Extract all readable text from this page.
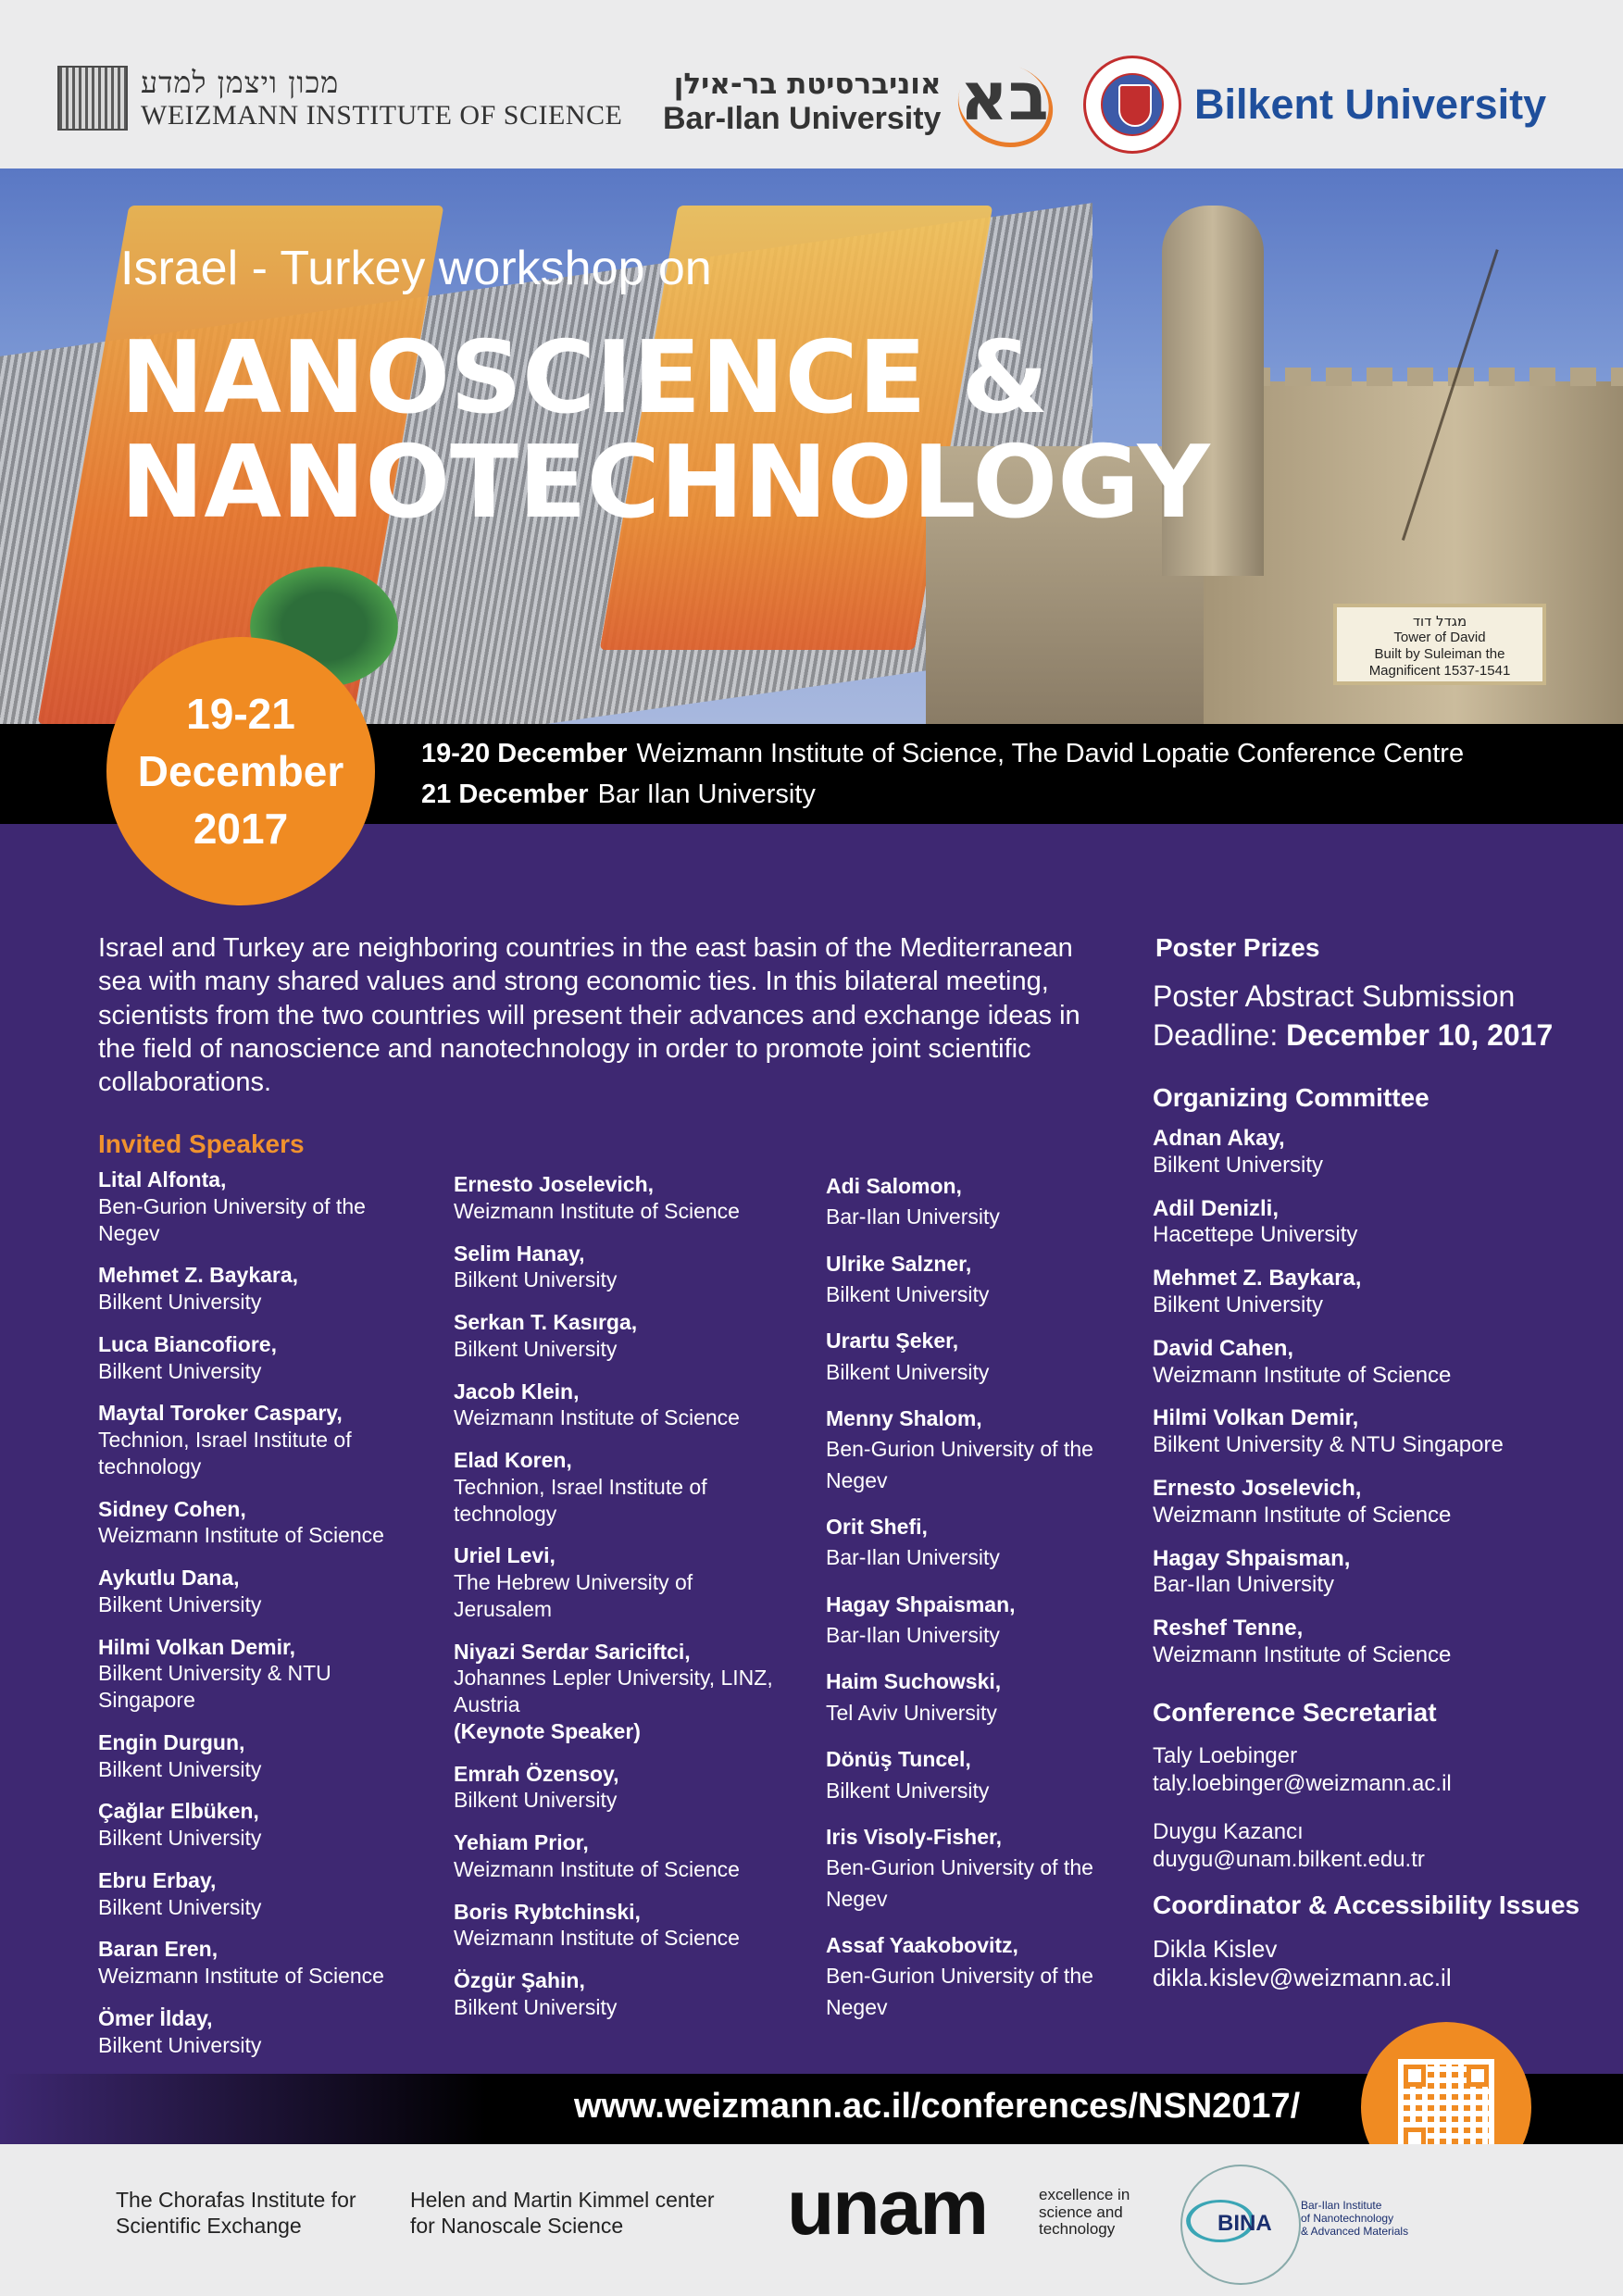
מכון ויצמן למדע
WEIZMANN INSTITUTE OF SCIENCE
אוניברסיטת בר-אילן
Bar-Ilan University בא	Bilkent University
Israel - Turkey workshop on
NANOSCIENCE &
NANOTECHNOLOGY
מגדל דוד
Tower of David
Built by Suleiman the
Magnificent 1537-1541
19-20 December Weizmann Institute of Science, The David Lopatie Conference Centre
21 December Bar Ilan University
19-21
December
2017

Israel and Turkey are neighboring countries in the east basin of the Mediterranean sea with many shared values and strong economic ties. In this bilateral meeting, scientists from the two countries will present their advances and exchange ideas in the field of nanoscience and nanotechnology in order to promote joint scientific collaborations.

Invited Speakers
Lital Alfonta,
Ben-Gurion University of the Negev
Mehmet Z. Baykara,
Bilkent University
Luca Biancofiore,
Bilkent University
Maytal Toroker Caspary,
Technion, Israel Institute of technology
Sidney Cohen,
Weizmann Institute of Science
Aykutlu Dana,
Bilkent University
Hilmi Volkan Demir,
Bilkent University & NTU Singapore
Engin Durgun,
Bilkent University
Çağlar Elbüken,
Bilkent University
Ebru Erbay,
Bilkent University
Baran Eren,
Weizmann Institute of Science
Ömer İlday,
Bilkent University
Ernesto Joselevich,
Weizmann Institute of Science
Selim Hanay,
Bilkent University
Serkan T. Kasırga,
Bilkent University
Jacob Klein,
Weizmann Institute of Science
Elad Koren,
Technion, Israel Institute of technology
Uriel Levi,
The Hebrew University of Jerusalem
Niyazi Serdar Sariciftci,
Johannes Lepler University, LINZ, Austria
(Keynote Speaker)
Emrah Özensoy,
Bilkent University
Yehiam Prior,
Weizmann Institute of Science
Boris Rybtchinski,
Weizmann Institute of Science
Özgür Şahin,
Bilkent University
Adi Salomon,
Bar-Ilan University
Ulrike Salzner,
Bilkent University
Urartu Şeker,
Bilkent University
Menny Shalom,
Ben-Gurion University of the Negev
Orit Shefi,
Bar-Ilan University
Hagay Shpaisman,
Bar-Ilan University
Haim Suchowski,
Tel Aviv University
Dönüş Tuncel,
Bilkent University
Iris Visoly-Fisher,
Ben-Gurion University of the Negev
Assaf Yaakobovitz,
Ben-Gurion University of the Negev
Poster Prizes
Poster Abstract Submission
Deadline: December 10, 2017
Organizing Committee
Adnan Akay,
Bilkent University
Adil Denizli,
Hacettepe University
Mehmet Z. Baykara,
Bilkent University
David Cahen,
Weizmann Institute of Science
Hilmi Volkan Demir,
Bilkent University & NTU Singapore
Ernesto Joselevich,
Weizmann Institute of Science
Hagay Shpaisman,
Bar-Ilan University
Reshef Tenne,
Weizmann Institute of Science
Conference Secretariat
Taly Loebinger
taly.loebinger@weizmann.ac.il
Duygu Kazancı
duygu@unam.bilkent.edu.tr
Coordinator & Accessibility Issues
Dikla Kislev
dikla.kislev@weizmann.ac.il
www.weizmann.ac.il/conferences/NSN2017/
The Chorafas Institute for
Scientific Exchange
Helen and Martin Kimmel center
for Nanoscale Science	unam	excellence in
science and
technology	BINA
Bar-Ilan Institute
of Nanotechnology
& Advanced Materials
